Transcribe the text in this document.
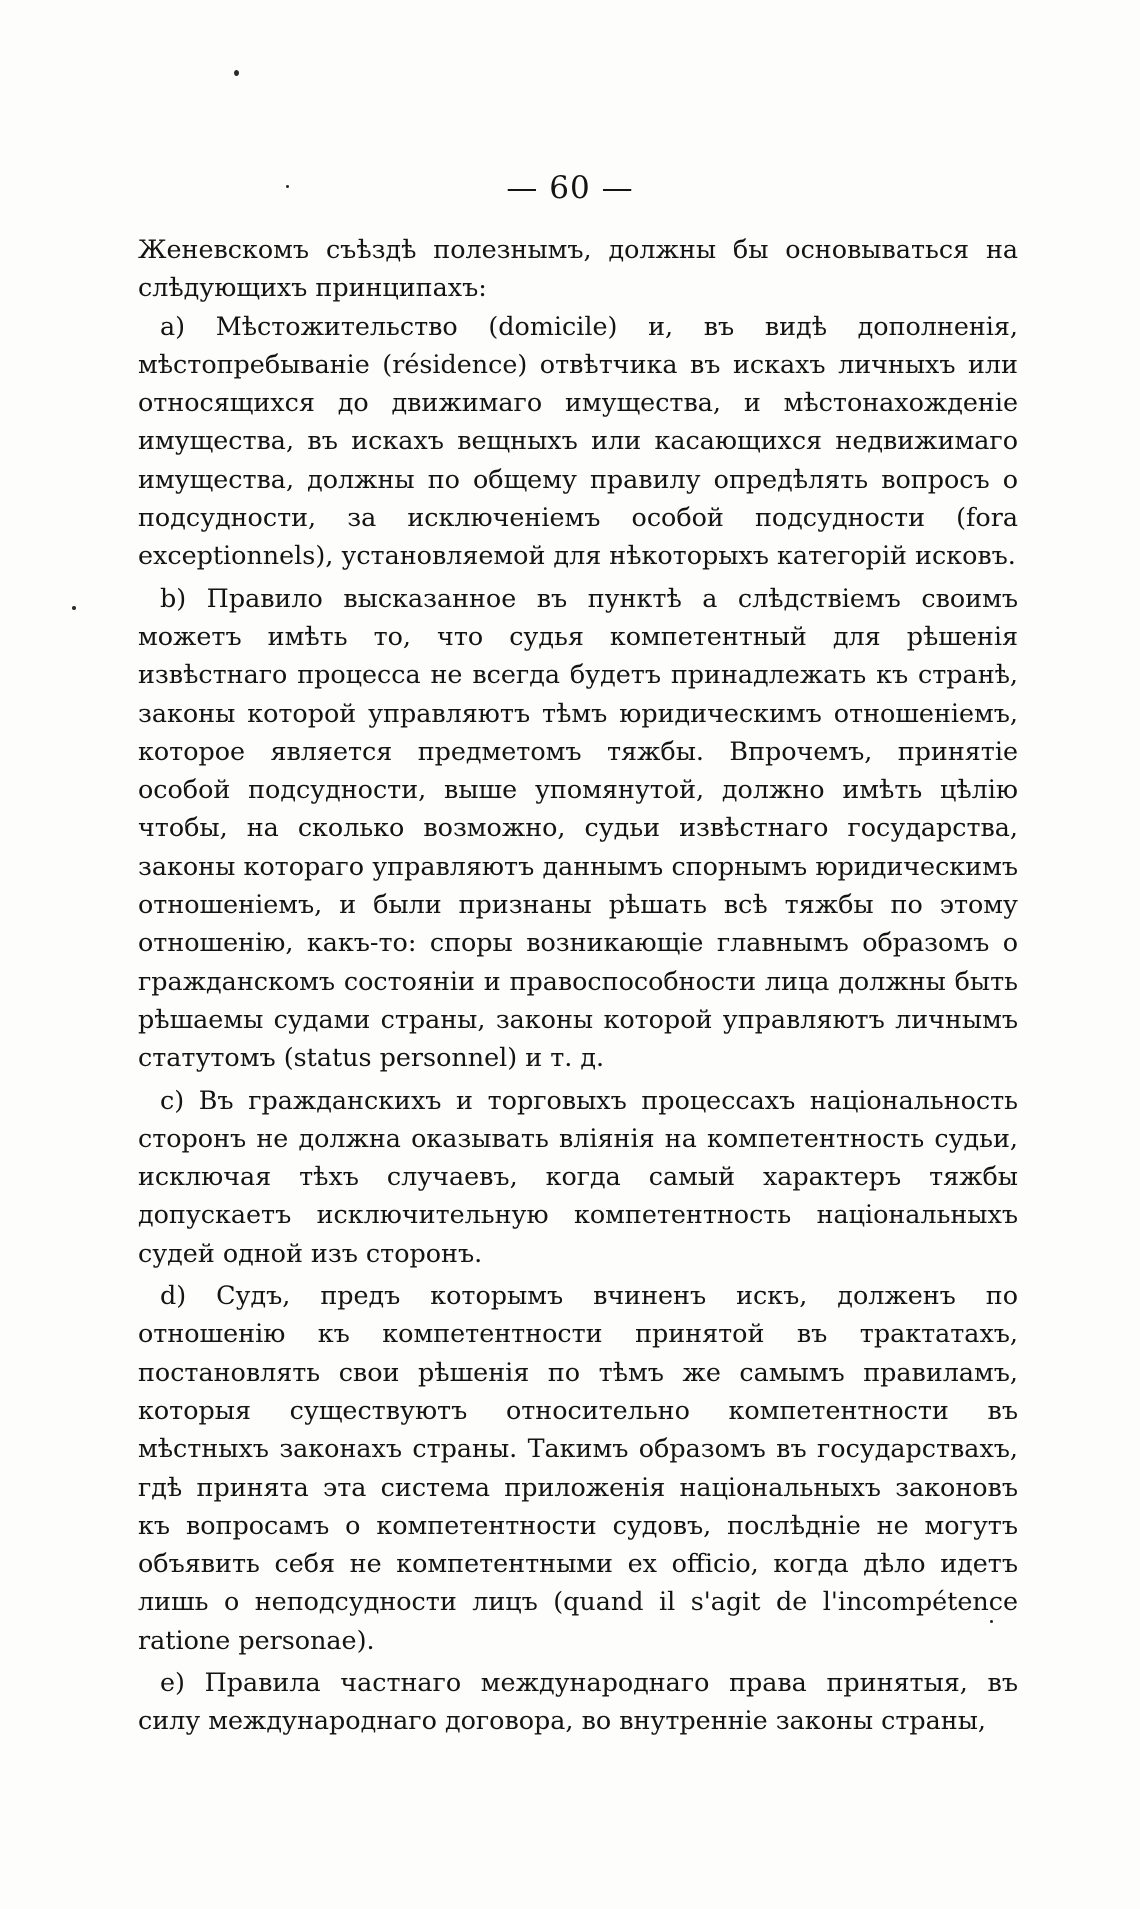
— 60 —

Женевскомъ съѣздѣ полезнымъ, должны бы основываться на слѣдующихъ принципахъ:

a) Мѣстожительство (domicile) и, въ видѣ дополненія, мѣстопребываніе (résidence) отвѣтчика въ искахъ личныхъ или относящихся до движимаго имущества, и мѣстонахожденіе имущества, въ искахъ вещныхъ или касающихся недвижимаго имущества, должны по общему правилу опредѣлять вопросъ о подсудности, за исключеніемъ особой подсудности (fora exceptionnels), установляемой для нѣкоторыхъ категорій исковъ.

b) Правило высказанное въ пунктѣ a слѣдствіемъ своимъ можетъ имѣть то, что судья компетентный для рѣшенія извѣстнаго процесса не всегда будетъ принадлежать къ странѣ, законы которой управляютъ тѣмъ юридическимъ отношеніемъ, которое является предметомъ тяжбы. Впрочемъ, принятіе особой подсудности, выше упомянутой, должно имѣть цѣлію чтобы, на сколько возможно, судьи извѣстнаго государства, законы котораго управляютъ даннымъ спорнымъ юридическимъ отношеніемъ, и были признаны рѣшать всѣ тяжбы по этому отношенію, какъ-то: споры возникающіе главнымъ образомъ о гражданскомъ состояніи и правоспособности лица должны быть рѣшаемы судами страны, законы которой управляютъ личнымъ статутомъ (status personnel) и т. д.

c) Въ гражданскихъ и торговыхъ процессахъ національность сторонъ не должна оказывать вліянія на компетентность судьи, исключая тѣхъ случаевъ, когда самый характеръ тяжбы допускаетъ исключительную компетентность національныхъ судей одной изъ сторонъ.

d) Судъ, предъ которымъ вчиненъ искъ, долженъ по отношенію къ компетентности принятой въ трактатахъ, постановлять свои рѣшенія по тѣмъ же самымъ правиламъ, которыя существуютъ относительно компетентности въ мѣстныхъ законахъ страны. Такимъ образомъ въ государствахъ, гдѣ принята эта система приложенія національныхъ законовъ къ вопросамъ о компетентности судовъ, послѣдніе не могутъ объявить себя не компетентными ex officio, когда дѣло идетъ лишь о неподсудности лицъ (quand il s'agit de l'incompétence ratione personae).

e) Правила частнаго международнаго права принятыя, въ силу международнаго договора, во внутренніе законы страны,
